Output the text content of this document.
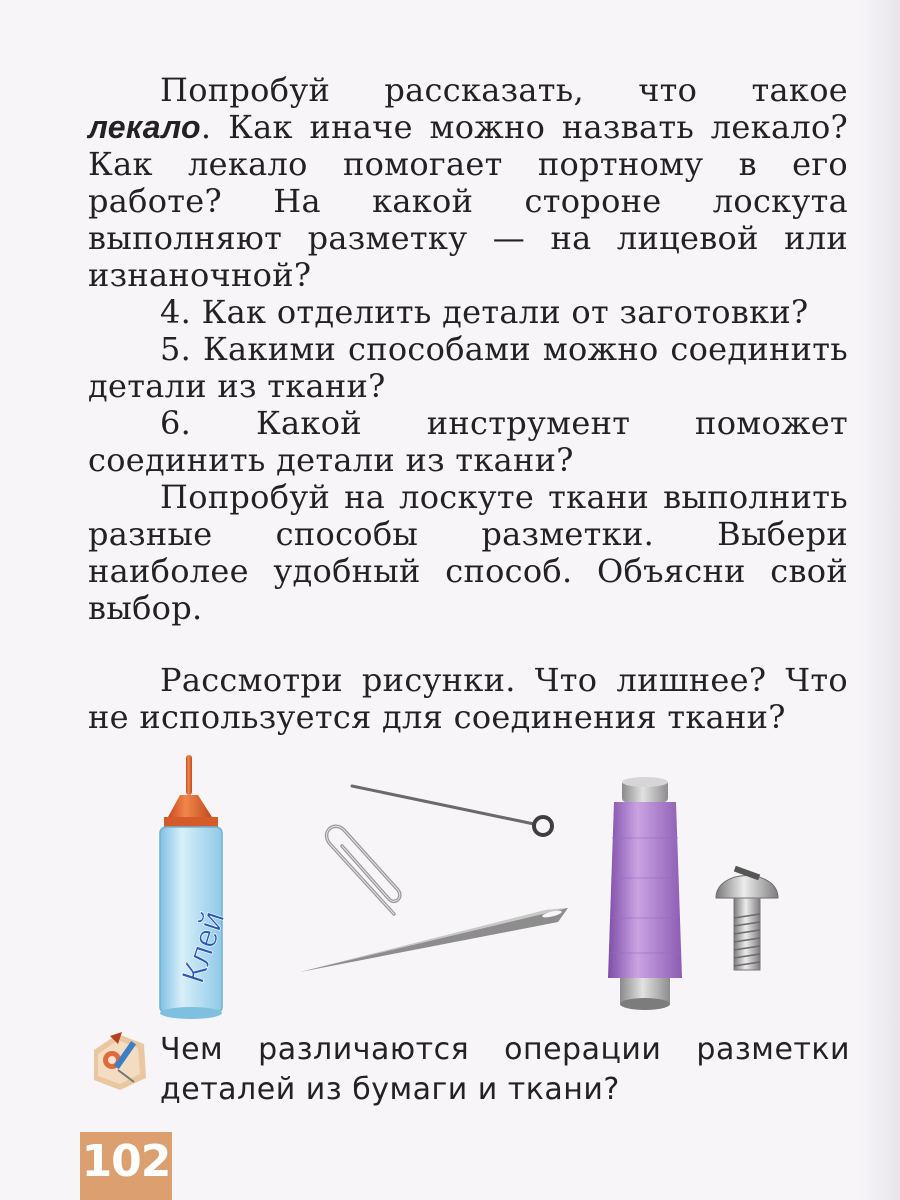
Попробуй рассказать, что такое лекало. Как иначе можно назвать лекало? Как лекало помогает портному в его работе? На какой стороне лоскута выполняют разметку — на лицевой или изнаночной?

4. Как отделить детали от заготовки?

5. Какими способами можно соединить детали из ткани?

6. Какой инструмент поможет соединить детали из ткани?

Попробуй на лоскуте ткани выполнить разные способы разметки. Выбери наиболее удобный способ. Объясни свой выбор.

Рассмотри рисунки. Что лишнее? Что не используется для соединения ткани?

Клей
Чем различаются операции разметки деталей из бумаги и ткани?
102
